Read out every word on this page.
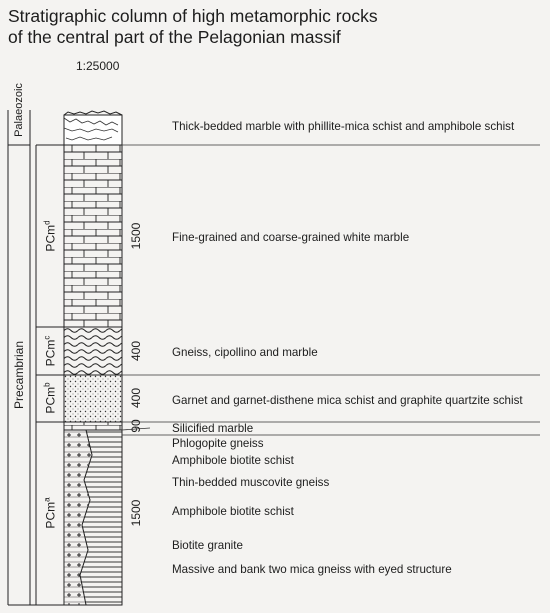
Stratigraphic column of high metamorphic rocks
of the central part of the Pelagonian massif
1:25000
Palaeozoic
Precambrian
PCm$^d$
PCm$^c$
PCm$^b$
PCm$^a$
1500
400
400
90
1500
Thick-bedded marble with phillite-mica schist and amphibole schist
Fine-grained and coarse-grained white marble
Gneiss, cipollino and marble
Garnet and garnet-disthene mica schist and graphite quartzite schist
Silicified marble
Phlogopite gneiss
Amphibole biotite schist
Thin-bedded muscovite gneiss
Amphibole biotite schist
Biotite granite
Massive and bank two mica gneiss with eyed structure
